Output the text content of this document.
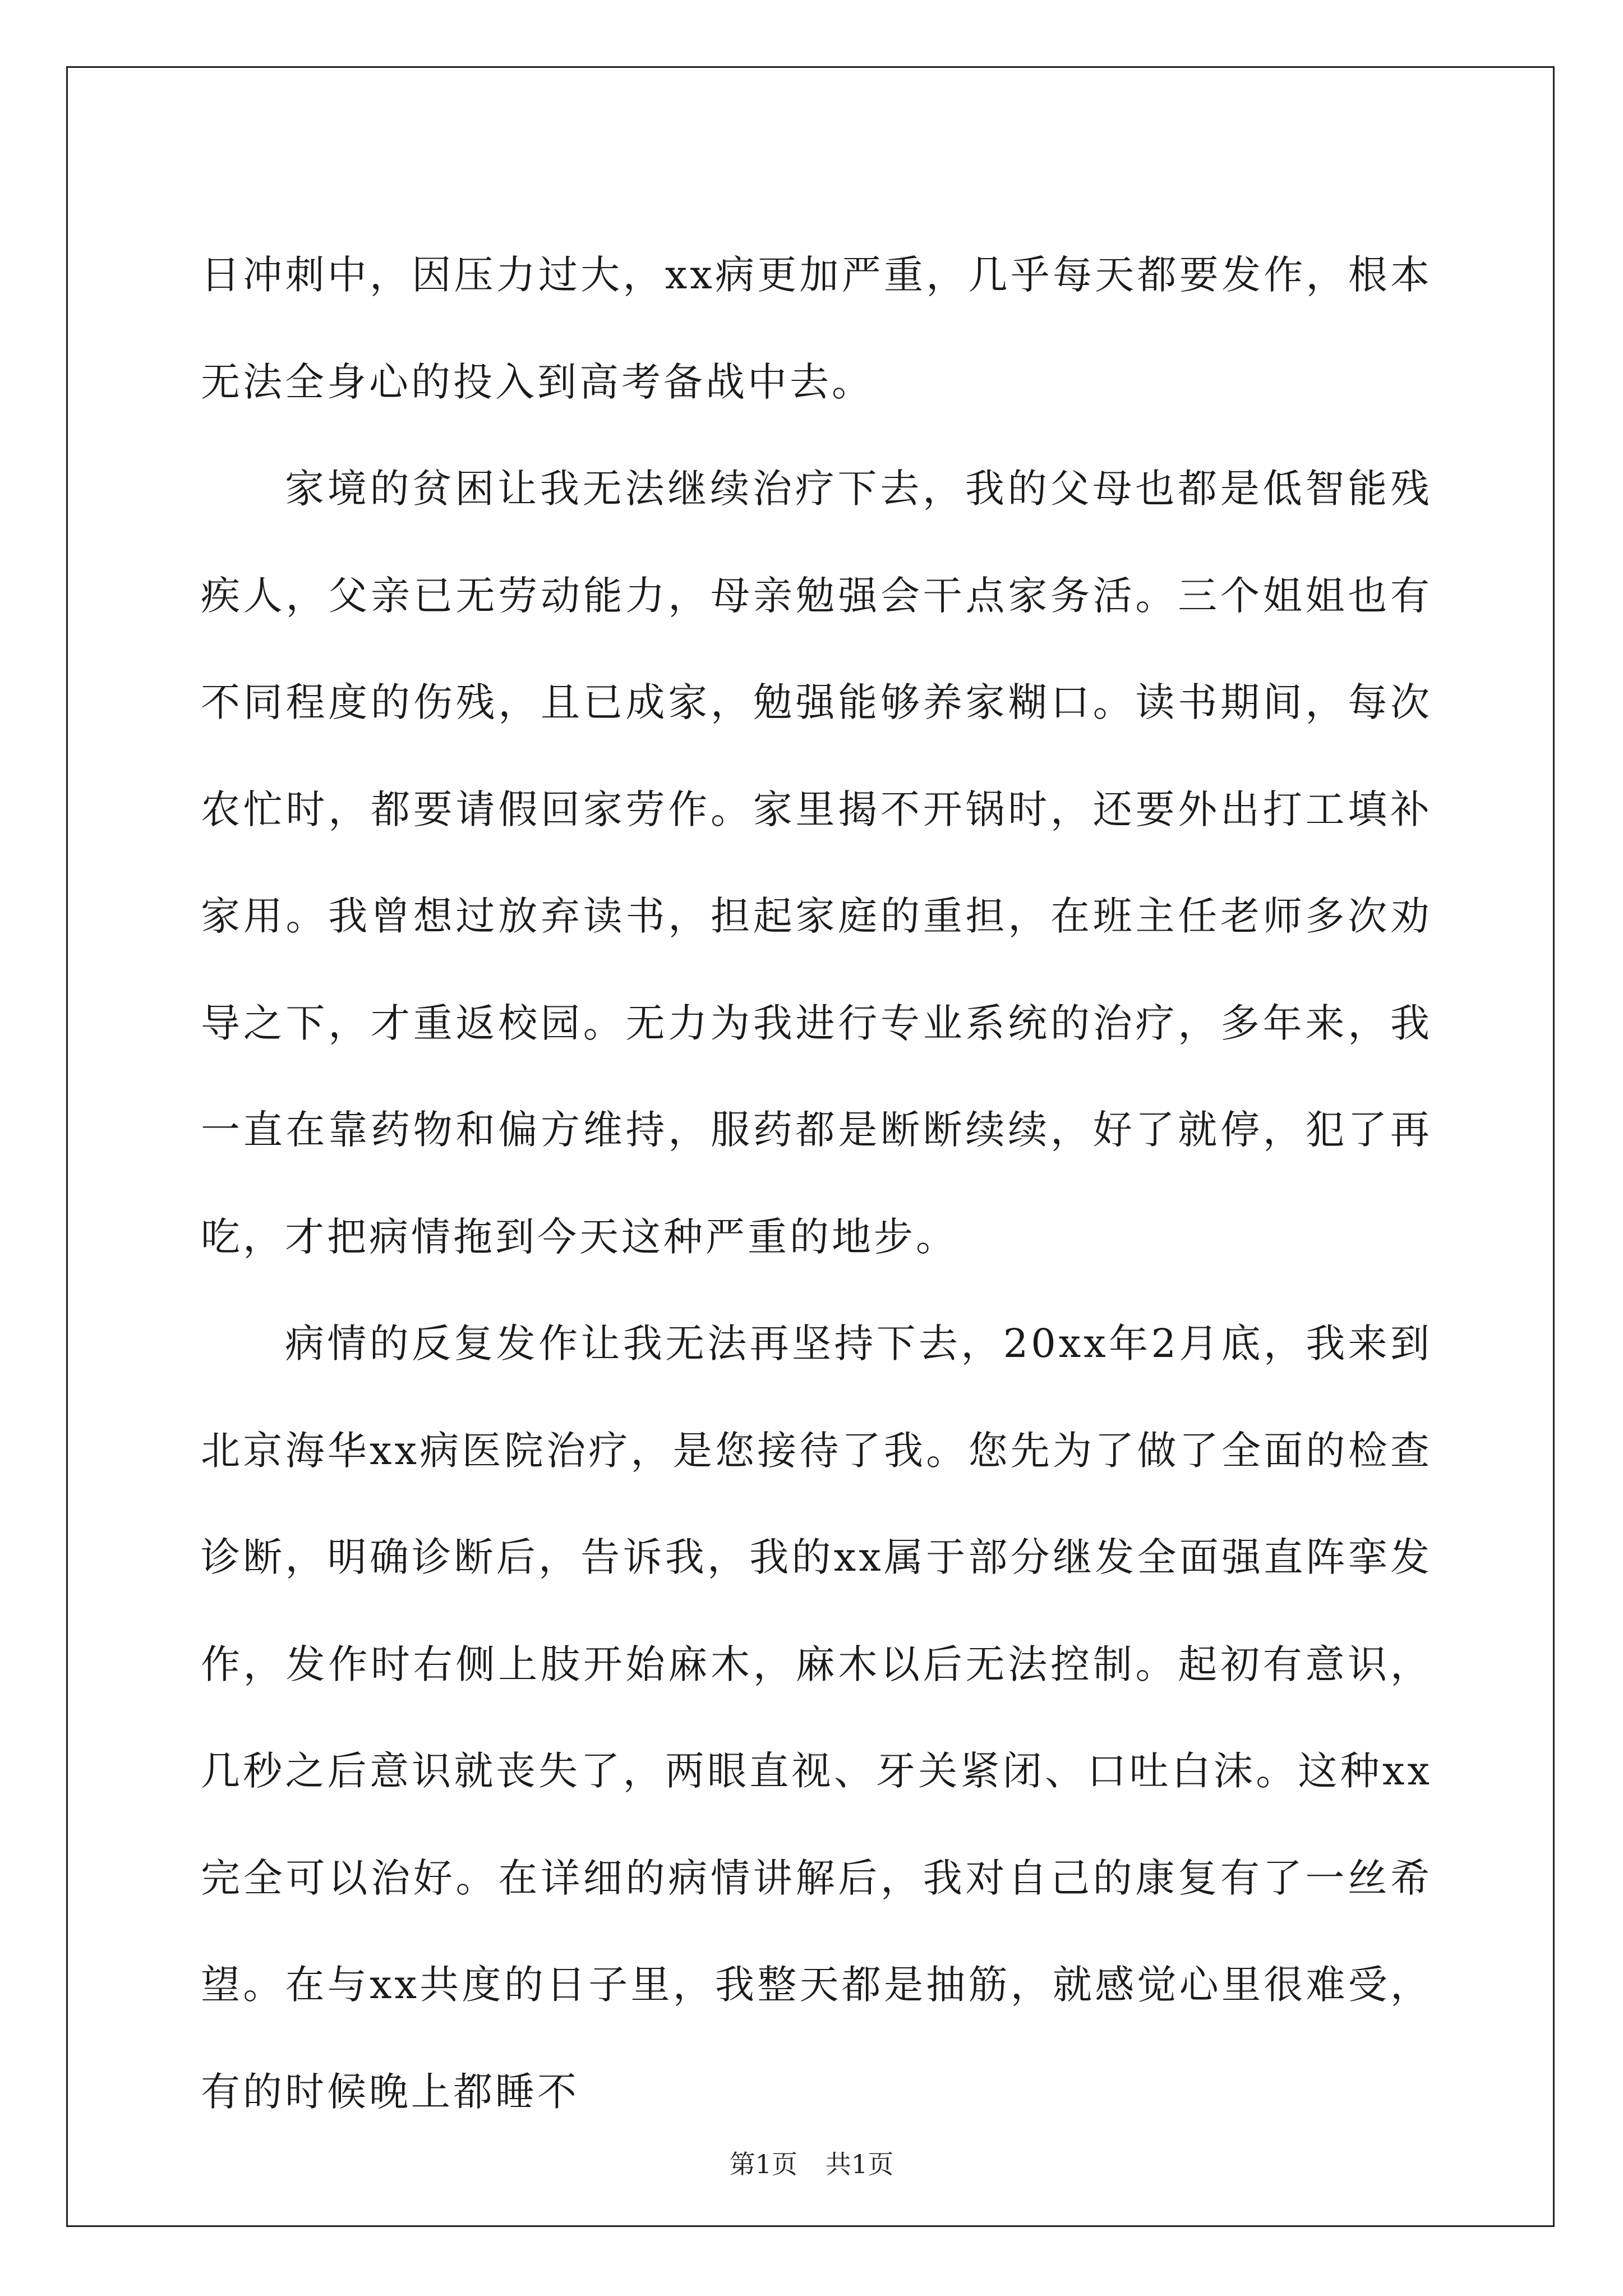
日冲刺中，因压力过大，xx病更加严重，几乎每天都要发作，根本无法全身心的投入到高考备战中去。

家境的贫困让我无法继续治疗下去，我的父母也都是低智能残疾人，父亲已无劳动能力，母亲勉强会干点家务活。三个姐姐也有不同程度的伤残，且已成家，勉强能够养家糊口。读书期间，每次农忙时，都要请假回家劳作。家里揭不开锅时，还要外出打工填补家用。我曾想过放弃读书，担起家庭的重担，在班主任老师多次劝导之下，才重返校园。无力为我进行专业系统的治疗，多年来，我一直在靠药物和偏方维持，服药都是断断续续，好了就停，犯了再吃，才把病情拖到今天这种严重的地步。

病情的反复发作让我无法再坚持下去，20xx年2月底，我来到北京海华xx病医院治疗，是您接待了我。您先为了做了全面的检查诊断，明确诊断后，告诉我，我的xx属于部分继发全面强直阵挛发作，发作时右侧上肢开始麻木，麻木以后无法控制。起初有意识，几秒之后意识就丧失了，两眼直视、牙关紧闭、口吐白沫。这种xx完全可以治好。在详细的病情讲解后，我对自己的康复有了一丝希望。在与xx共度的日子里，我整天都是抽筋，就感觉心里很难受，有的时候晚上都睡不

第1页 共1页
